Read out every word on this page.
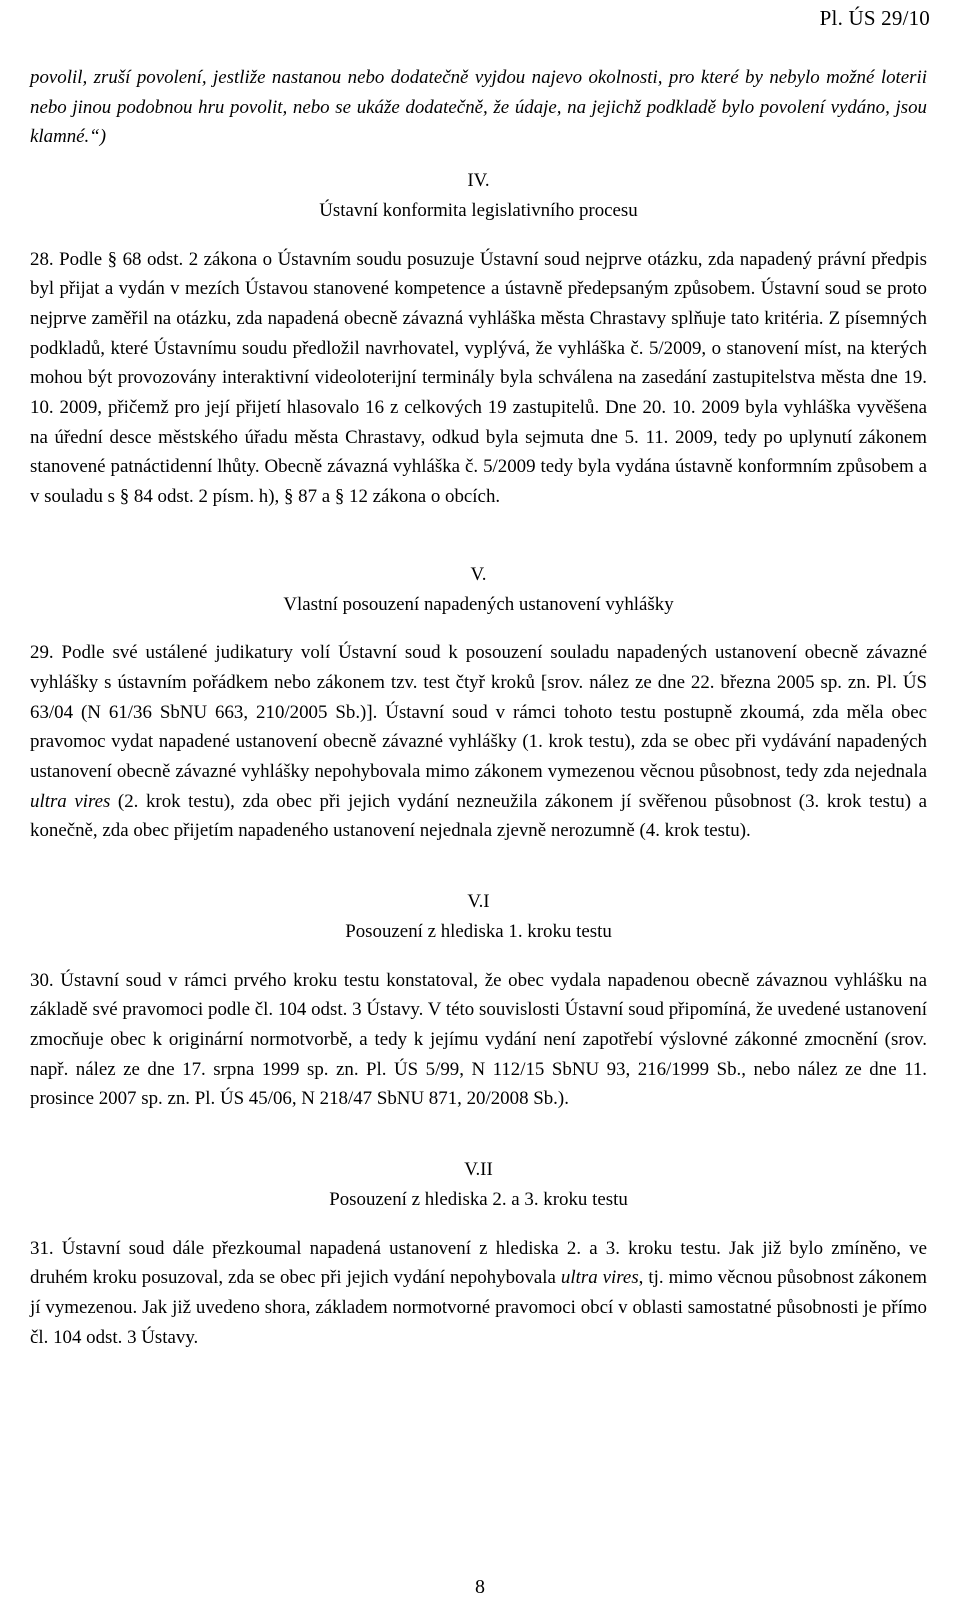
Pl. ÚS 29/10

povolil, zruší povolení, jestliže nastanou nebo dodatečně vyjdou najevo okolnosti, pro které by nebylo možné loterii nebo jinou podobnou hru povolit, nebo se ukáže dodatečně, že údaje, na jejichž podkladě bylo povolení vydáno, jsou klamné.“)

IV.
Ústavní konformita legislativního procesu

28. Podle § 68 odst. 2 zákona o Ústavním soudu posuzuje Ústavní soud nejprve otázku, zda napadený právní předpis byl přijat a vydán v mezích Ústavou stanovené kompetence a ústavně předepsaným způsobem. Ústavní soud se proto nejprve zaměřil na otázku, zda napadená obecně závazná vyhláška města Chrastavy splňuje tato kritéria. Z písemných podkladů, které Ústavnímu soudu předložil navrhovatel, vyplývá, že vyhláška č. 5/2009, o stanovení míst, na kterých mohou být provozovány interaktivní videoloterijní terminály byla schválena na zasedání zastupitelstva města dne 19. 10. 2009, přičemž pro její přijetí hlasovalo 16 z celkových 19 zastupitelů. Dne 20. 10. 2009 byla vyhláška vyvěšena na úřední desce městského úřadu města Chrastavy, odkud byla sejmuta dne 5. 11. 2009, tedy po uplynutí zákonem stanovené patnáctidenní lhůty. Obecně závazná vyhláška č. 5/2009 tedy byla vydána ústavně konformním způsobem a v souladu s § 84 odst. 2 písm. h), § 87 a § 12 zákona o obcích.

V.
Vlastní posouzení napadených ustanovení vyhlášky

29. Podle své ustálené judikatury volí Ústavní soud k posouzení souladu napadených ustanovení obecně závazné vyhlášky s ústavním pořádkem nebo zákonem tzv. test čtyř kroků [srov. nález ze dne 22. března 2005 sp. zn. Pl. ÚS 63/04 (N 61/36 SbNU 663, 210/2005 Sb.)]. Ústavní soud v rámci tohoto testu postupně zkoumá, zda měla obec pravomoc vydat napadené ustanovení obecně závazné vyhlášky (1. krok testu), zda se obec při vydávání napadených ustanovení obecně závazné vyhlášky nepohybovala mimo zákonem vymezenou věcnou působnost, tedy zda nejednala ultra vires (2. krok testu), zda obec při jejich vydání nezneužila zákonem jí svěřenou působnost (3. krok testu) a konečně, zda obec přijetím napadeného ustanovení nejednala zjevně nerozumně (4. krok testu).

V.I
Posouzení z hlediska 1. kroku testu

30. Ústavní soud v rámci prvého kroku testu konstatoval, že obec vydala napadenou obecně závaznou vyhlášku na základě své pravomoci podle čl. 104 odst. 3 Ústavy. V této souvislosti Ústavní soud připomíná, že uvedené ustanovení zmocňuje obec k originární normotvorbě, a tedy k jejímu vydání není zapotřebí výslovné zákonné zmocnění (srov. např. nález ze dne 17. srpna 1999 sp. zn. Pl. ÚS 5/99, N 112/15 SbNU 93, 216/1999 Sb., nebo nález ze dne 11. prosince 2007 sp. zn. Pl. ÚS 45/06, N 218/47 SbNU 871, 20/2008 Sb.).

V.II
Posouzení z hlediska 2. a 3. kroku testu

31. Ústavní soud dále přezkoumal napadená ustanovení z hlediska 2. a 3. kroku testu. Jak již bylo zmíněno, ve druhém kroku posuzoval, zda se obec při jejich vydání nepohybovala ultra vires, tj. mimo věcnou působnost zákonem jí vymezenou. Jak již uvedeno shora, základem normotvorné pravomoci obcí v oblasti samostatné působnosti je přímo čl. 104 odst. 3 Ústavy.

8
